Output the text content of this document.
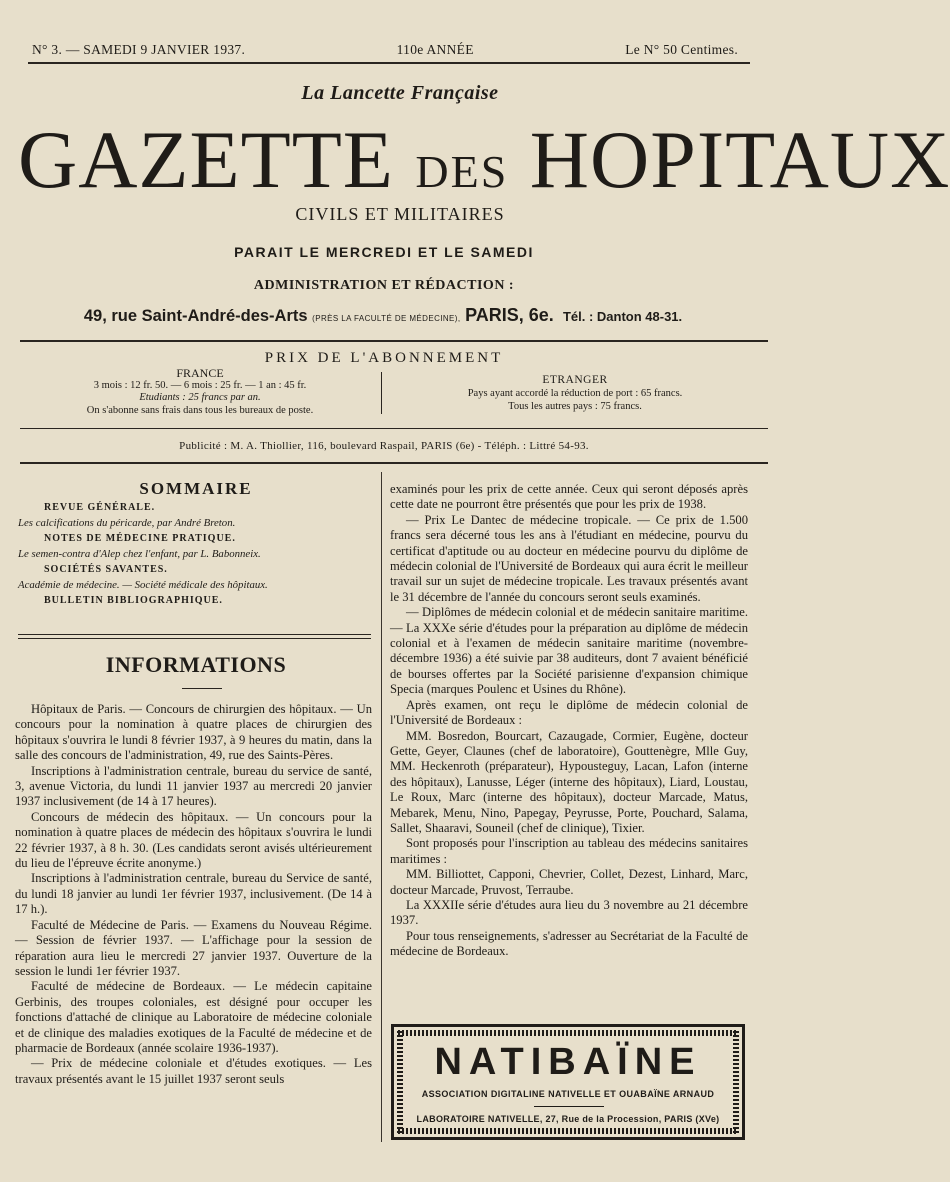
N° 3. — SAMEDI 9 JANVIER 1937.	110e ANNÉE	Le N° 50 Centimes.
La Lancette Française
GAZETTE DES HOPITAUX
CIVILS ET MILITAIRES
PARAIT LE MERCREDI ET LE SAMEDI
ADMINISTRATION ET RÉDACTION :
49, rue Saint-André-des-Arts (PRÈS LA FACULTÉ DE MÉDECINE), PARIS, 6e. Tél. : Danton 48-31.
PRIX DE L'ABONNEMENT
FRANCE
3 mois : 12 fr. 50. — 6 mois : 25 fr. — 1 an : 45 fr.
Etudiants : 25 francs par an.
On s'abonne sans frais dans tous les bureaux de poste.
ETRANGER
Pays ayant accordé la réduction de port : 65 francs.
Tous les autres pays : 75 francs.
Publicité : M. A. Thiollier, 116, boulevard Raspail, PARIS (6e) - Téléph. : Littré 54-93.
SOMMAIRE
REVUE GÉNÉRALE.
Les calcifications du péricarde, par André Breton.
NOTES DE MÉDECINE PRATIQUE.
Le semen-contra d'Alep chez l'enfant, par L. Babonneix.
SOCIÉTÉS SAVANTES.
Académie de médecine. — Société médicale des hôpitaux.
BULLETIN BIBLIOGRAPHIQUE.
INFORMATIONS

Hôpitaux de Paris. — Concours de chirurgien des hôpitaux. — Un concours pour la nomination à quatre places de chirurgien des hôpitaux s'ouvrira le lundi 8 février 1937, à 9 heures du matin, dans la salle des concours de l'administration, 49, rue des Saints-Pères.

Inscriptions à l'administration centrale, bureau du service de santé, 3, avenue Victoria, du lundi 11 janvier 1937 au mercredi 20 janvier 1937 inclusivement (de 14 à 17 heures).

Concours de médecin des hôpitaux. — Un concours pour la nomination à quatre places de médecin des hôpitaux s'ouvrira le lundi 22 février 1937, à 8 h. 30. (Les candidats seront avisés ultérieurement du lieu de l'épreuve écrite anonyme.)

Inscriptions à l'administration centrale, bureau du Service de santé, du lundi 18 janvier au lundi 1er février 1937, inclusivement. (De 14 à 17 h.).

Faculté de Médecine de Paris. — Examens du Nouveau Régime. — Session de février 1937. — L'affichage pour la session de réparation aura lieu le mercredi 27 janvier 1937. Ouverture de la session le lundi 1er février 1937.

Faculté de médecine de Bordeaux. — Le médecin capitaine Gerbinis, des troupes coloniales, est désigné pour occuper les fonctions d'attaché de clinique au Laboratoire de médecine coloniale et de clinique des maladies exotiques de la Faculté de médecine et de pharmacie de Bordeaux (année scolaire 1936-1937).

— Prix de médecine coloniale et d'études exotiques. — Les travaux présentés avant le 15 juillet 1937 seront seuls

examinés pour les prix de cette année. Ceux qui seront déposés après cette date ne pourront être présentés que pour les prix de 1938.

— Prix Le Dantec de médecine tropicale. — Ce prix de 1.500 francs sera décerné tous les ans à l'étudiant en médecine, pourvu du certificat d'aptitude ou au docteur en médecine pourvu du diplôme de médecin colonial de l'Université de Bordeaux qui aura écrit le meilleur travail sur un sujet de médecine tropicale. Les travaux présentés avant le 31 décembre de l'année du concours seront seuls examinés.

— Diplômes de médecin colonial et de médecin sanitaire maritime. — La XXXe série d'études pour la préparation au diplôme de médecin colonial et à l'examen de médecin sanitaire maritime (novembre-décembre 1936) a été suivie par 38 auditeurs, dont 7 avaient bénéficié de bourses offertes par la Société parisienne d'expansion chimique Specia (marques Poulenc et Usines du Rhône).

Après examen, ont reçu le diplôme de médecin colonial de l'Université de Bordeaux :

MM. Bosredon, Bourcart, Cazaugade, Cormier, Eugène, docteur Gette, Geyer, Claunes (chef de laboratoire), Gouttenègre, Mlle Guy, MM. Heckenroth (préparateur), Hypousteguy, Lacan, Lafon (interne des hôpitaux), Lanusse, Léger (interne des hôpitaux), Liard, Loustau, Le Roux, Marc (interne des hôpitaux), docteur Marcade, Matus, Mebarek, Menu, Nino, Papegay, Peyrusse, Porte, Pouchard, Salama, Sallet, Shaaravi, Souneil (chef de clinique), Tixier.

Sont proposés pour l'inscription au tableau des médecins sanitaires maritimes :

MM. Billiottet, Capponi, Chevrier, Collet, Dezest, Linhard, Marc, docteur Marcade, Pruvost, Terraube.

La XXXIIe série d'études aura lieu du 3 novembre au 21 décembre 1937.

Pour tous renseignements, s'adresser au Secrétariat de la Faculté de médecine de Bordeaux.

NATIBAÏNE
ASSOCIATION DIGITALINE NATIVELLE ET OUABAÏNE ARNAUD
LABORATOIRE NATIVELLE, 27, Rue de la Procession, PARIS (XVe)
